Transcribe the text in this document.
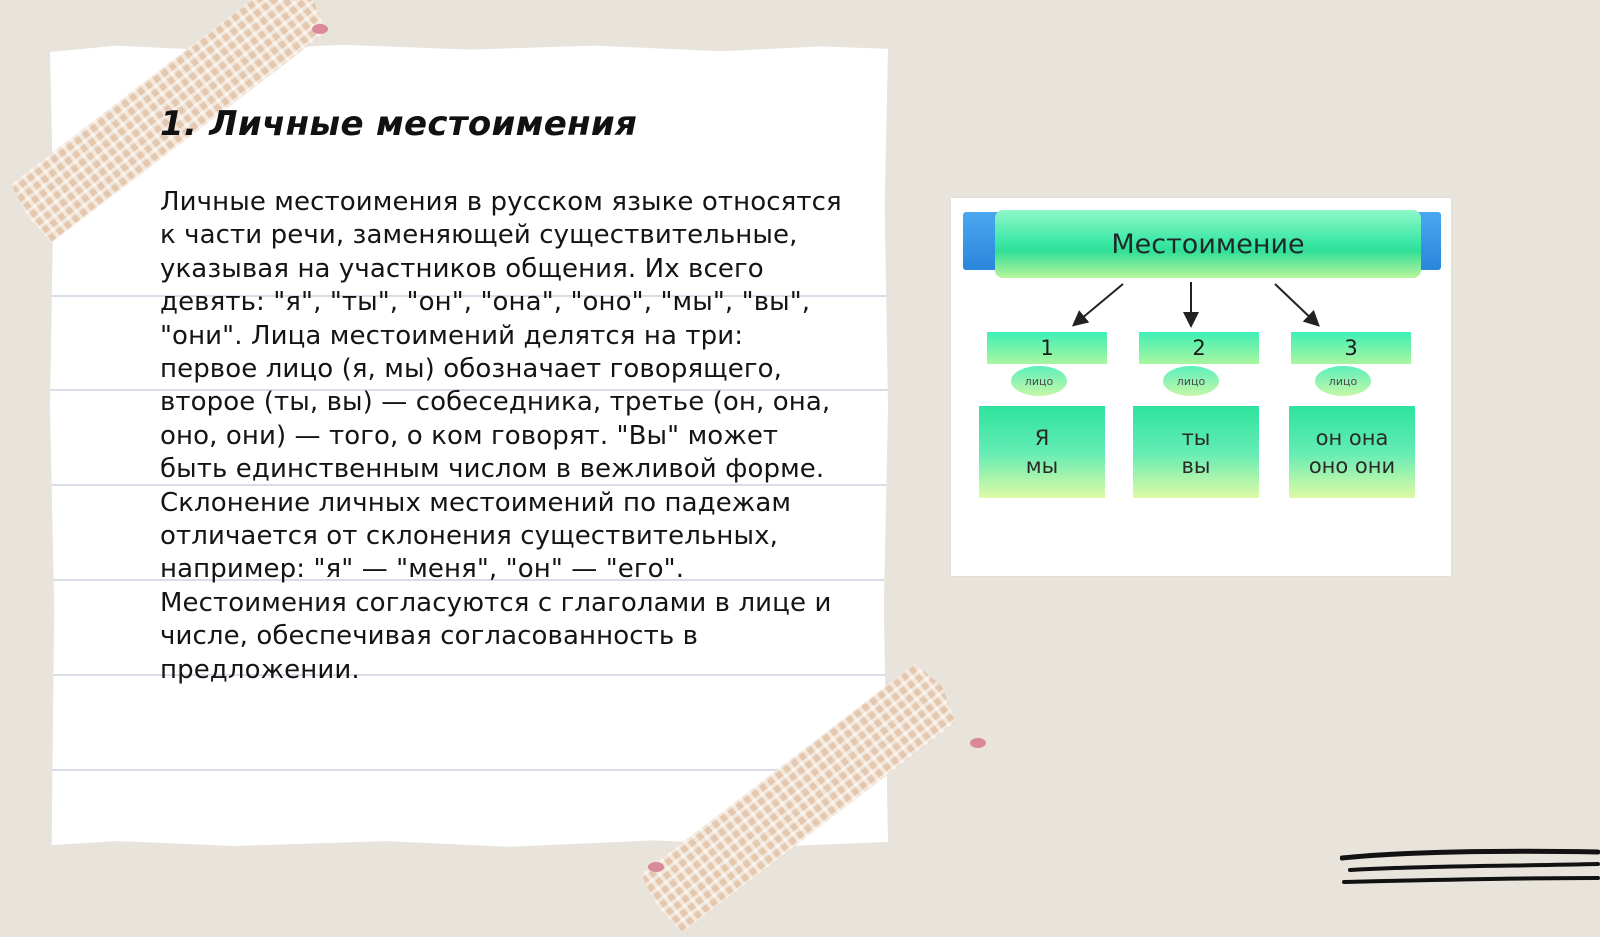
1. Личные местоимения

Личные местоимения в русском языке относятся к части речи, заменяющей существительные, указывая на участников общения. Их всего девять: "я", "ты", "он", "она", "оно", "мы", "вы", "они". Лица местоимений делятся на три: первое лицо (я, мы) обозначает говорящего, второе (ты, вы) — собеседника, третье (он, она, оно, они) — того, о ком говорят. "Вы" может быть единственным числом в вежливой форме. Склонение личных местоимений по падежам отличается от склонения существительных, например: "я" — "меня", "он" — "его". Местоимения согласуются с глаголами в лице и числе, обеспечивая согласованность в предложении.

Местоимение
1
лицо
Я
мы
2
лицо
ты
вы
3
лицо
он она
оно они
